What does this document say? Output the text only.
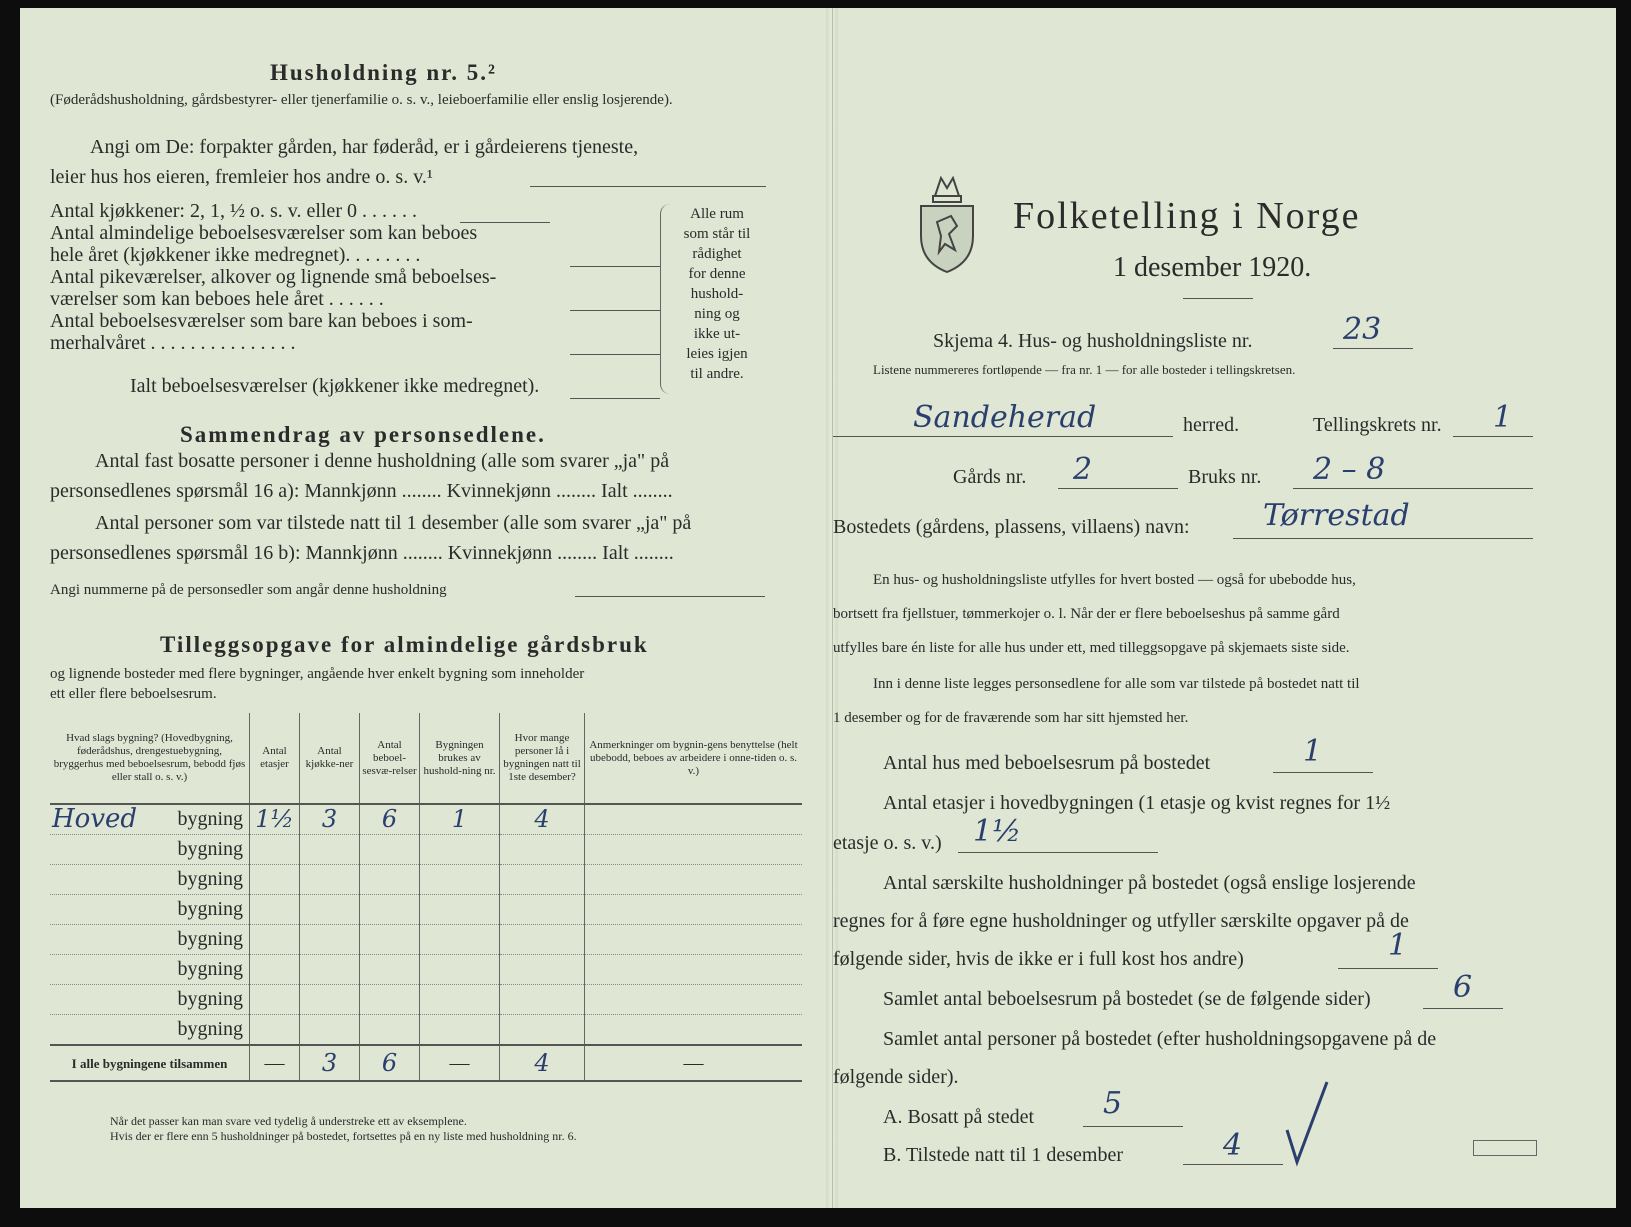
Husholdning nr. 5.²
(Føderådshusholdning, gårdsbestyrer- eller tjenerfamilie o. s. v., leieboerfamilie eller enslig losjerende).
Angi om De: forpakter gården, har føderåd, er i gårdeierens tjeneste,
leier hus hos eieren, fremleier hos andre o. s. v.¹
Antal kjøkkener: 2, 1, ½ o. s. v. eller 0 . . . . . .
Antal almindelige beboelsesværelser som kan beboes
hele året (kjøkkener ikke medregnet). . . . . . . .
Antal pikeværelser, alkover og lignende små beboelses-
værelser som kan beboes hele året . . . . . .
Antal beboelsesværelser som bare kan beboes i som-
merhalvåret . . . . . . . . . . . . . . .
Ialt beboelsesværelser (kjøkkener ikke medregnet).
Alle rum
som står til
rådighet
for denne
hushold-
ning og
ikke ut-
leies igjen
til andre.
Sammendrag av personsedlene.
Antal fast bosatte personer i denne husholdning (alle som svarer „ja" på
personsedlenes spørsmål 16 a): Mannkjønn ........ Kvinnekjønn ........ Ialt ........
Antal personer som var tilstede natt til 1 desember (alle som svarer „ja" på
personsedlenes spørsmål 16 b): Mannkjønn ........ Kvinnekjønn ........ Ialt ........
Angi nummerne på de personsedler som angår denne husholdning
Tilleggsopgave for almindelige gårdsbruk
og lignende bosteder med flere bygninger, angående hver enkelt bygning som inneholder
ett eller flere beboelsesrum.
Hvad slags bygning? (Hovedbygning, føderådshus, drengestuebygning, bryggerhus med beboelsesrum, bebodd fjøs eller stall o. s. v.)	Antal etasjer	Antal kjøkke-ner	Antal beboel-sesvæ-relser	Bygningen brukes av hushold-ning nr.	Hvor mange personer lå i bygningen natt til 1ste desember?	Anmerkninger om bygnin-gens benyttelse (helt ubebodd, beboes av arbeidere i onne-tiden o. s. v.)

Hoved bygning	1½	3	6	1	4	
bygning						
bygning						
bygning						
bygning						
bygning						
bygning						
bygning						
I alle bygningene tilsammen	—	3	6	—	4	—
Når det passer kan man svare ved tydelig å understreke ett av eksemplene.
Hvis der er flere enn 5 husholdninger på bostedet, fortsettes på en ny liste med husholdning nr. 6.
Folketelling i Norge
1 desember 1920.
Skjema 4. Hus- og husholdningsliste nr.	23
Listene nummereres fortløpende — fra nr. 1 — for alle bosteder i tellingskretsen.
Sandeherad	herred.	Tellingskrets nr. 1
Gårds nr. 2	Bruks nr. 2 – 8
Bostedets (gårdens, plassens, villaens) navn: Tørrestad
En hus- og husholdningsliste utfylles for hvert bosted — også for ubebodde hus,
bortsett fra fjellstuer, tømmerkojer o. l. Når der er flere beboelseshus på samme gård
utfylles bare én liste for alle hus under ett, med tilleggsopgave på skjemaets siste side.
Inn i denne liste legges personsedlene for alle som var tilstede på bostedet natt til
1 desember og for de fraværende som har sitt hjemsted her.
Antal hus med beboelsesrum på bostedet	1
Antal etasjer i hovedbygningen (1 etasje og kvist regnes for 1½
etasje o. s. v.) 1½
Antal særskilte husholdninger på bostedet (også enslige losjerende
regnes for å føre egne husholdninger og utfyller særskilte opgaver på de
følgende sider, hvis de ikke er i full kost hos andre)	1
Samlet antal beboelsesrum på bostedet (se de følgende sider)	6
Samlet antal personer på bostedet (efter husholdningsopgavene på de
følgende sider).
A. Bosatt på stedet 5
B. Tilstede natt til 1 desember	4
